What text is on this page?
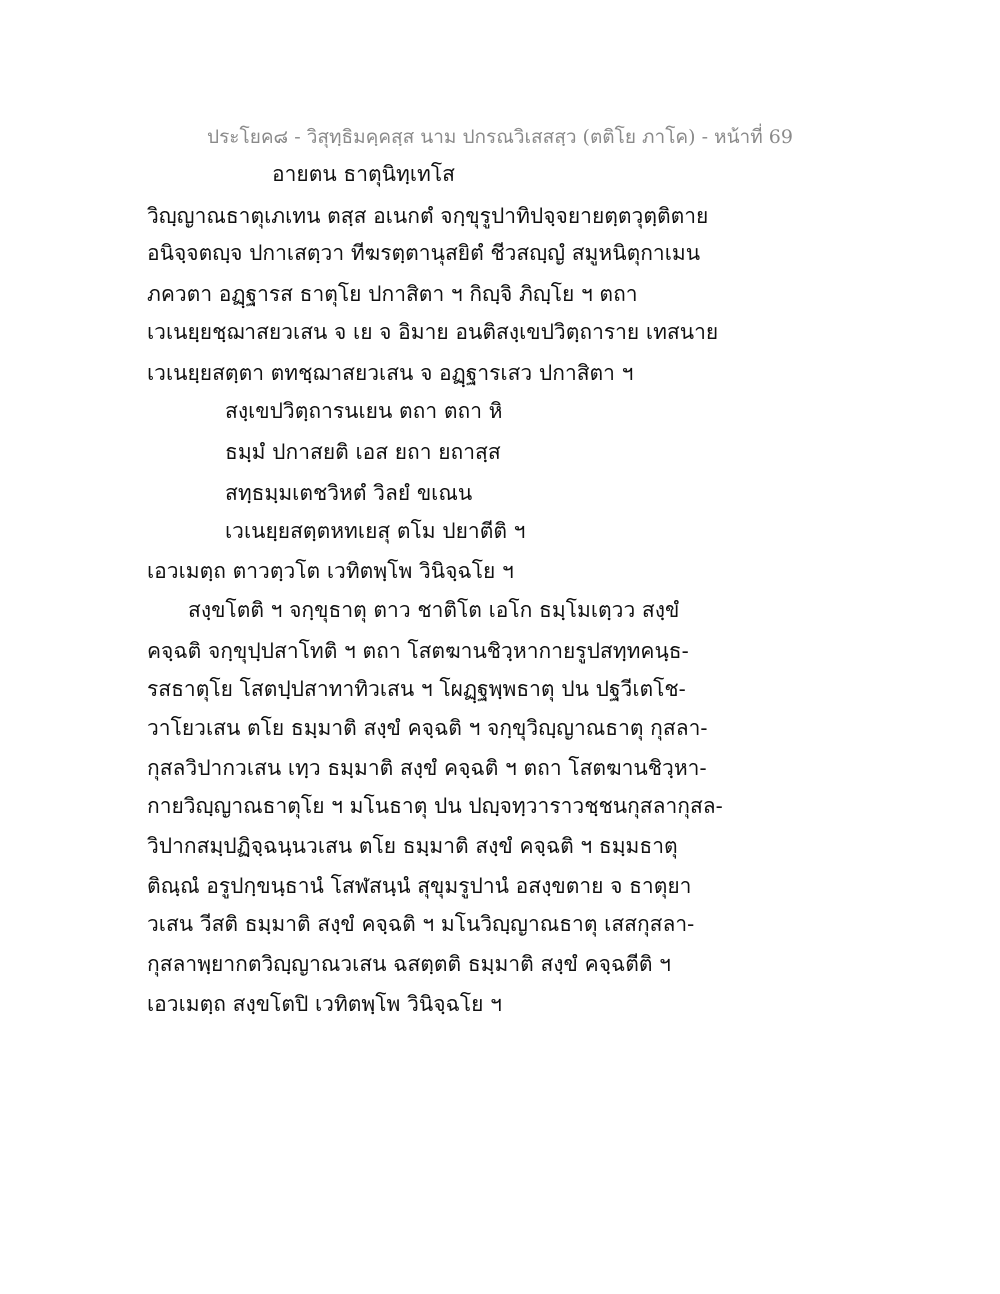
ประโยค๘ - วิสุทฺธิมคฺคสฺส นาม ปกรณวิเสสสฺว (ตติโย ภาโค) - หน้าที่ 69
อายตน ธาตุนิทฺเทโส
วิญฺญาณธาตุเภเทน ตสฺส อเนกตํ จกฺขุรูปาทิปจฺจยายตฺตวุตฺติตาย
อนิจฺจตญฺจ ปกาเสตฺวา ทีฆรตฺตานุสยิตํ ชีวสญฺญํ สมูหนิตุกาเมน
ภควตา อฏฺฐารส ธาตุโย ปกาสิตา ฯ กิญฺจิ ภิญฺโย ฯ ตถา
เวเนยฺยชฺฌาสยวเสน จ เย จ อิมาย อนติสงฺเขปวิตฺถาราย เทสนาย
เวเนยฺยสตฺตา ตทชฺฌาสยวเสน จ อฏฺฐารเสว ปกาสิตา ฯ
สงฺเขปวิตฺถารนเยน ตถา ตถา หิ
ธมฺมํ ปกาสยติ เอส ยถา ยถาสฺส
สทฺธมฺมเตชวิหตํ วิลยํ ขเณน
เวเนยฺยสตฺตหทเยสุ ตโม ปยาตีติ ฯ
เอวเมตฺถ ตาวตฺวโต เวทิตพฺโพ วินิจฺฉโย ฯ
สงฺขโตติ ฯ จกฺขุธาตุ ตาว ชาติโต เอโก ธมฺโมเตฺวว สงฺขํ
คจฺฉติ จกฺขุปฺปสาโทติ ฯ ตถา โสตฆานชิวฺหากายรูปสทฺทคนฺธ-
รสธาตุโย โสตปฺปสาทาทิวเสน ฯ โผฏฺฐพฺพธาตุ ปน ปฐวีเตโช-
วาโยวเสน ตโย ธมฺมาติ สงฺขํ คจฺฉติ ฯ จกฺขุวิญฺญาณธาตุ กุสลา-
กุสลวิปากวเสน เทฺว ธมฺมาติ สงฺขํ คจฺฉติ ฯ ตถา โสตฆานชิวฺหา-
กายวิญฺญาณธาตุโย ฯ มโนธาตุ ปน ปญฺจทฺวาราวชฺชนกุสลากุสล-
วิปากสมฺปฏิจฺฉนฺนวเสน ตโย ธมฺมาติ สงฺขํ คจฺฉติ ฯ ธมฺมธาตุ
ติณฺณํ อรูปกฺขนฺธานํ โสฬสนฺนํ สุขุมรูปานํ อสงฺขตาย จ ธาตุยา
วเสน วีสติ ธมฺมาติ สงฺขํ คจฺฉติ ฯ มโนวิญฺญาณธาตุ เสสกุสลา-
กุสลาพฺยากตวิญฺญาณวเสน ฉสตฺตติ ธมฺมาติ สงฺขํ คจฺฉตีติ ฯ
เอวเมตฺถ สงฺขโตปิ เวทิตพฺโพ วินิจฺฉโย ฯ
